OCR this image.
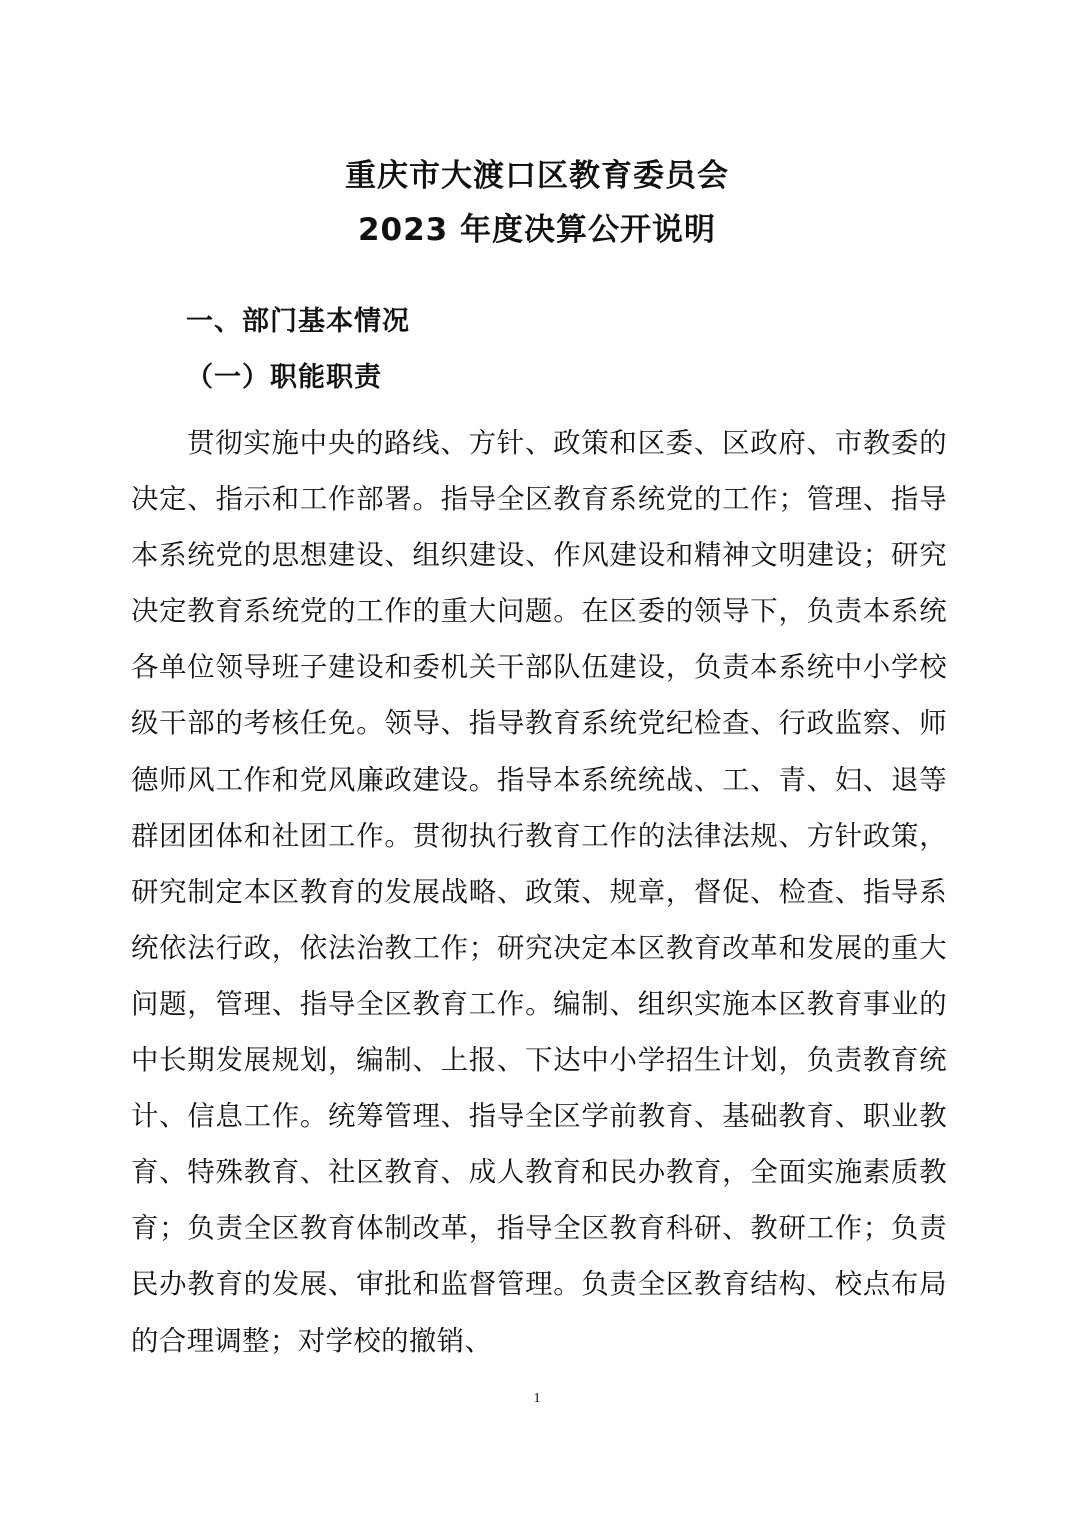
重庆市大渡口区教育委员会
2023 年度决算公开说明
一、部门基本情况
（一）职能职责

贯彻实施中央的路线、方针、政策和区委、区政府、市教委的决定、指示和工作部署。指导全区教育系统党的工作；管理、指导本系统党的思想建设、组织建设、作风建设和精神文明建设；研究决定教育系统党的工作的重大问题。在区委的领导下，负责本系统各单位领导班子建设和委机关干部队伍建设，负责本系统中小学校级干部的考核任免。领导、指导教育系统党纪检查、行政监察、师德师风工作和党风廉政建设。指导本系统统战、工、青、妇、退等群团团体和社团工作。贯彻执行教育工作的法律法规、方针政策，研究制定本区教育的发展战略、政策、规章，督促、检查、指导系统依法行政，依法治教工作；研究决定本区教育改革和发展的重大问题，管理、指导全区教育工作。编制、组织实施本区教育事业的中长期发展规划，编制、上报、下达中小学招生计划，负责教育统计、信息工作。统筹管理、指导全区学前教育、基础教育、职业教育、特殊教育、社区教育、成人教育和民办教育，全面实施素质教育；负责全区教育体制改革，指导全区教育科研、教研工作；负责民办教育的发展、审批和监督管理。负责全区教育结构、校点布局的合理调整；对学校的撤销、

1
